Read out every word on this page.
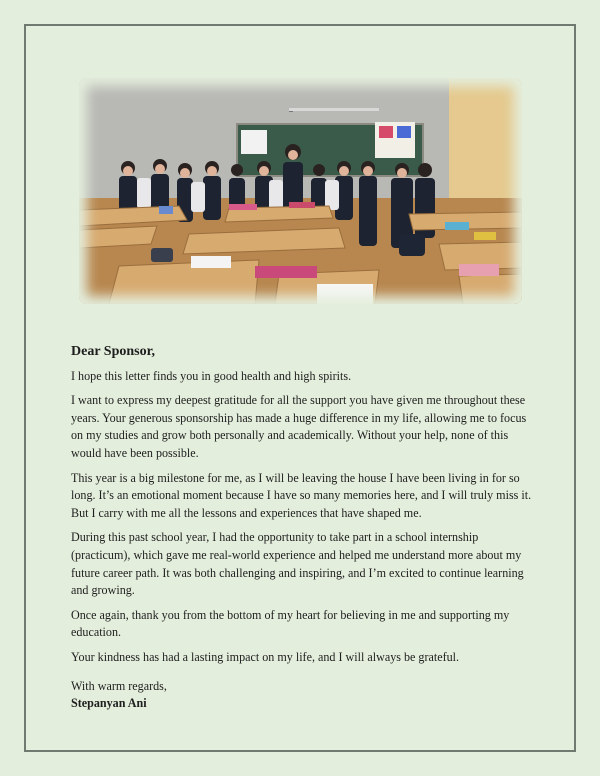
Dear Sponsor,

I hope this letter finds you in good health and high spirits.

I want to express my deepest gratitude for all the support you have given me throughout these years. Your generous sponsorship has made a huge difference in my life, allowing me to focus on my studies and grow both personally and academically. Without your help, none of this would have been possible.

This year is a big milestone for me, as I will be leaving the house I have been living in for so long. It’s an emotional moment because I have so many memories here, and I will truly miss it. But I carry with me all the lessons and experiences that have shaped me.

During this past school year, I had the opportunity to take part in a school internship (practicum), which gave me real-world experience and helped me understand more about my future career path. It was both challenging and inspiring, and I’m excited to continue learning and growing.

Once again, thank you from the bottom of my heart for believing in me and supporting my education.

Your kindness has had a lasting impact on my life, and I will always be grateful.

With warm regards,
Stepanyan Ani
